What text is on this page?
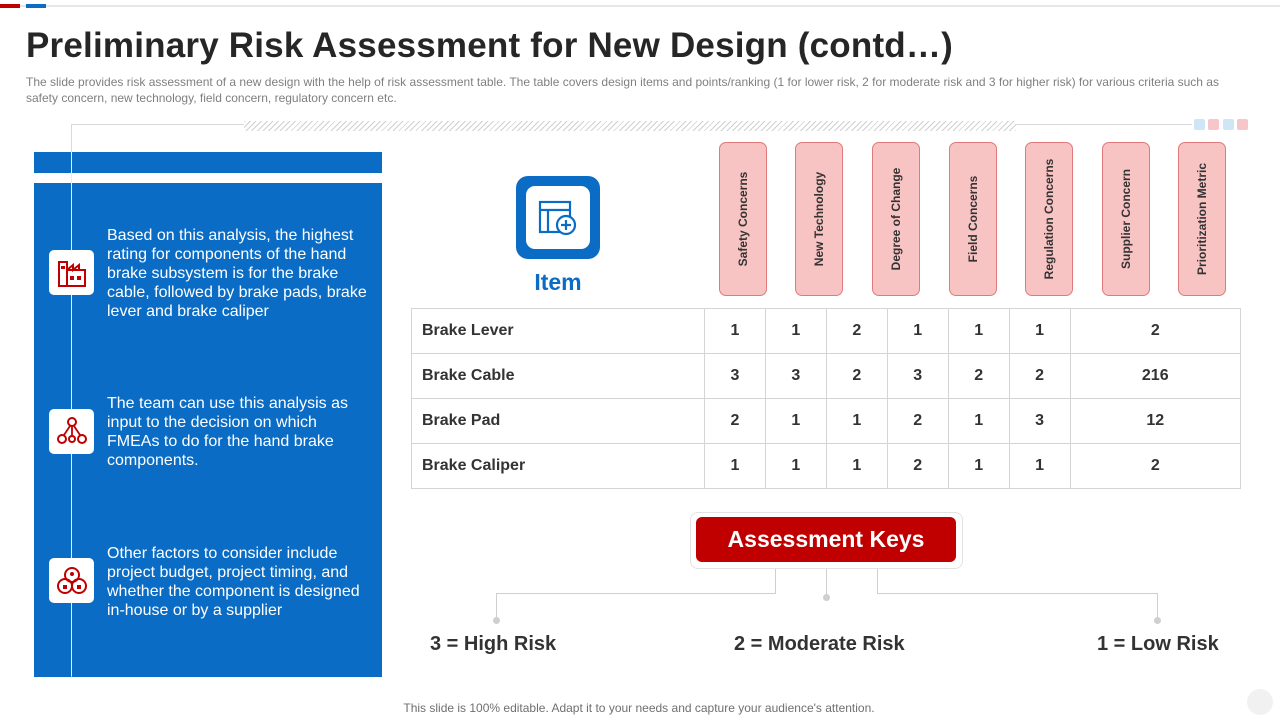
Preliminary Risk Assessment for New Design (contd…)
The slide provides risk assessment of a new design with the help of risk assessment table. The table covers design items and points/ranking (1 for lower risk, 2 for moderate risk and 3 for higher risk) for various criteria such as safety concern, new technology, field concern, regulatory concern etc.
Based on this analysis, the highest rating for components of the hand brake subsystem is for the brake cable, followed by brake pads, brake lever and brake caliper
The team can use this analysis as input to the decision on which FMEAs to do for the hand brake components.
Other factors to consider include project budget, project timing, and whether the component is designed in-house or by a supplier
Item
Safety Concerns	New Technology	Degree of Change	Field Concerns	Regulation Concerns	Supplier Concern	Prioritization Metric
Brake Lever	1	1	2	1	1	1	2
Brake Cable	3	3	2	3	2	2	216
Brake Pad	2	1	1	2	1	3	12
Brake Caliper	1	1	1	2	1	1	2
Assessment Keys
3 = High Risk	2 = Moderate Risk	1 = Low Risk
This slide is 100% editable. Adapt it to your needs and capture your audience's attention.
